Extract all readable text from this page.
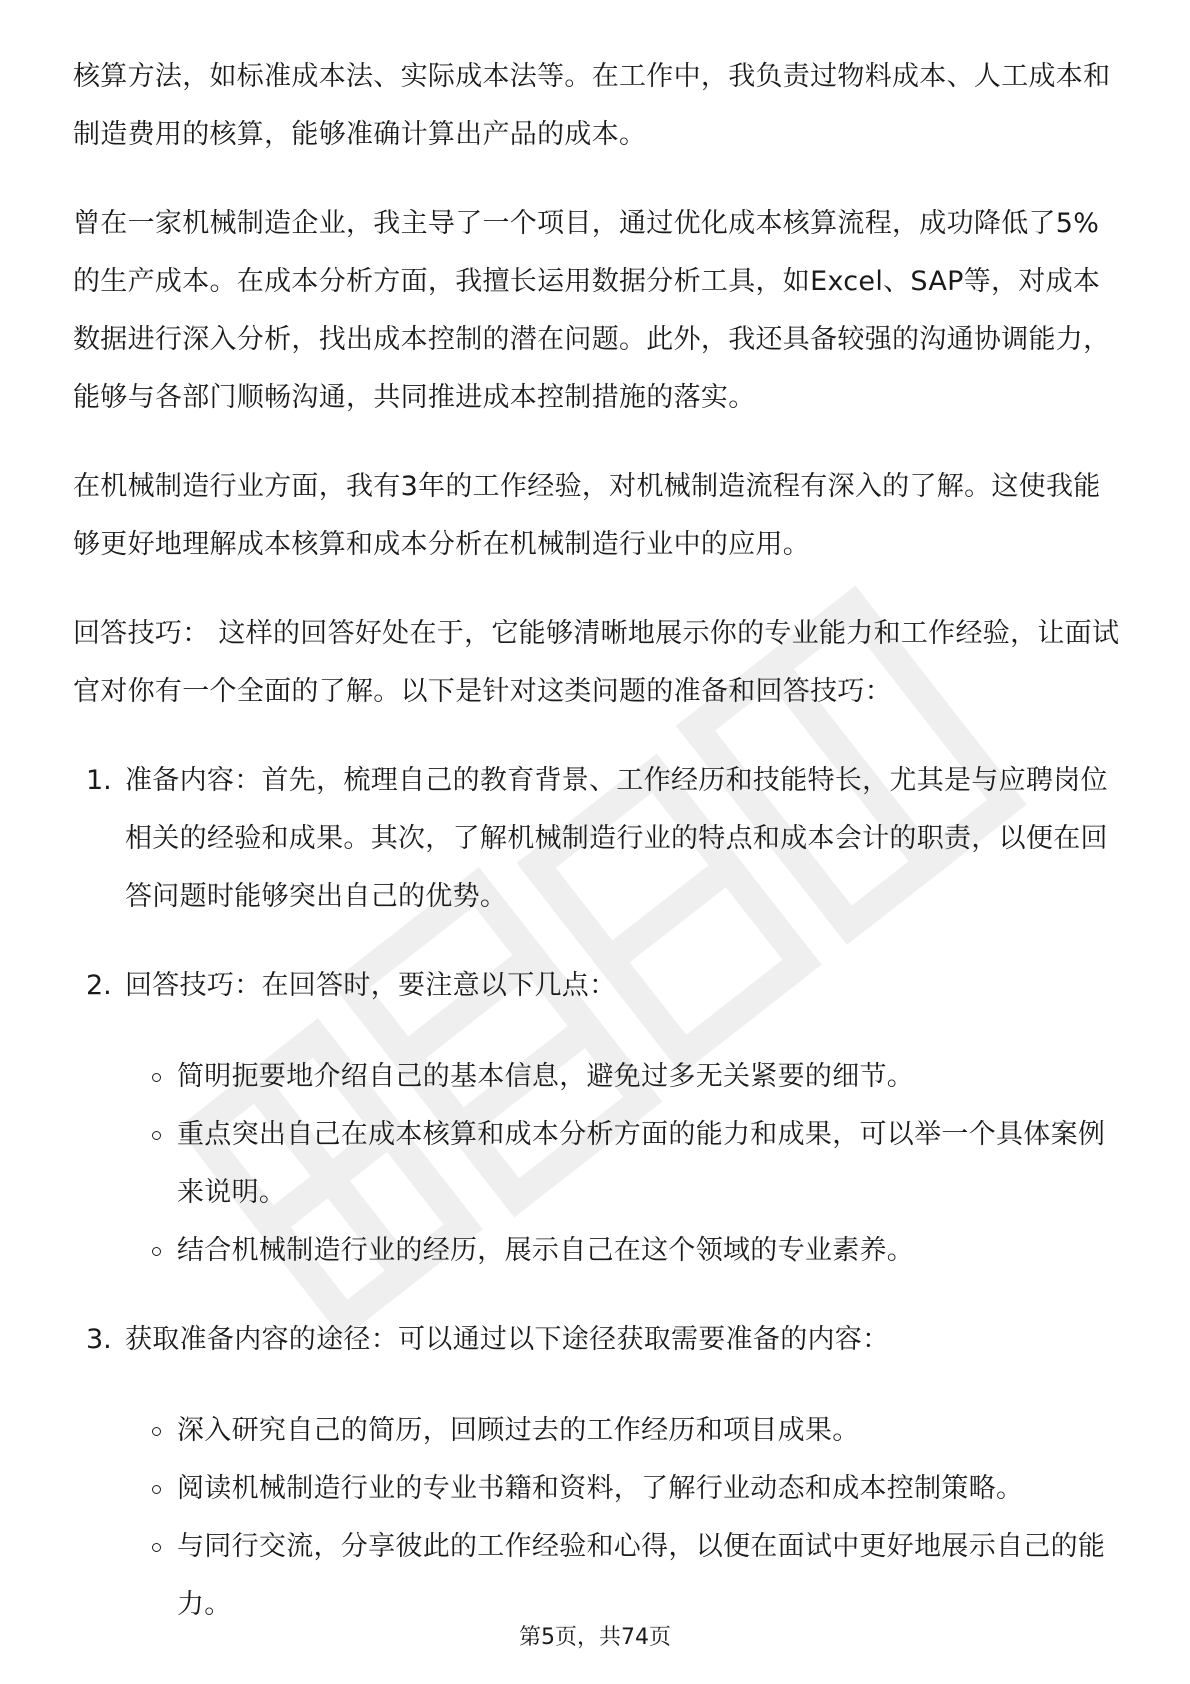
核算方法，如标准成本法、实际成本法等。在工作中，我负责过物料成本、人工成本和制造费用的核算，能够准确计算出产品的成本。

曾在一家机械制造企业，我主导了一个项目，通过优化成本核算流程，成功降低了5%的生产成本。在成本分析方面，我擅长运用数据分析工具，如Excel、SAP等，对成本数据进行深入分析，找出成本控制的潜在问题。此外，我还具备较强的沟通协调能力，能够与各部门顺畅沟通，共同推进成本控制措施的落实。

在机械制造行业方面，我有3年的工作经验，对机械制造流程有深入的了解。这使我能够更好地理解成本核算和成本分析在机械制造行业中的应用。

回答技巧： 这样的回答好处在于，它能够清晰地展示你的专业能力和工作经验，让面试官对你有一个全面的了解。以下是针对这类问题的准备和回答技巧：

1. 准备内容：首先，梳理自己的教育背景、工作经历和技能特长，尤其是与应聘岗位相关的经验和成果。其次，了解机械制造行业的特点和成本会计的职责，以便在回答问题时能够突出自己的优势。
2. 回答技巧：在回答时，要注意以下几点：
简明扼要地介绍自己的基本信息，避免过多无关紧要的细节。
重点突出自己在成本核算和成本分析方面的能力和成果，可以举一个具体案例来说明。
结合机械制造行业的经历，展示自己在这个领域的专业素养。
3. 获取准备内容的途径：可以通过以下途径获取需要准备的内容：
深入研究自己的简历，回顾过去的工作经历和项目成果。
阅读机械制造行业的专业书籍和资料，了解行业动态和成本控制策略。
与同行交流，分享彼此的工作经验和心得，以便在面试中更好地展示自己的能力。
第5页，共74页
